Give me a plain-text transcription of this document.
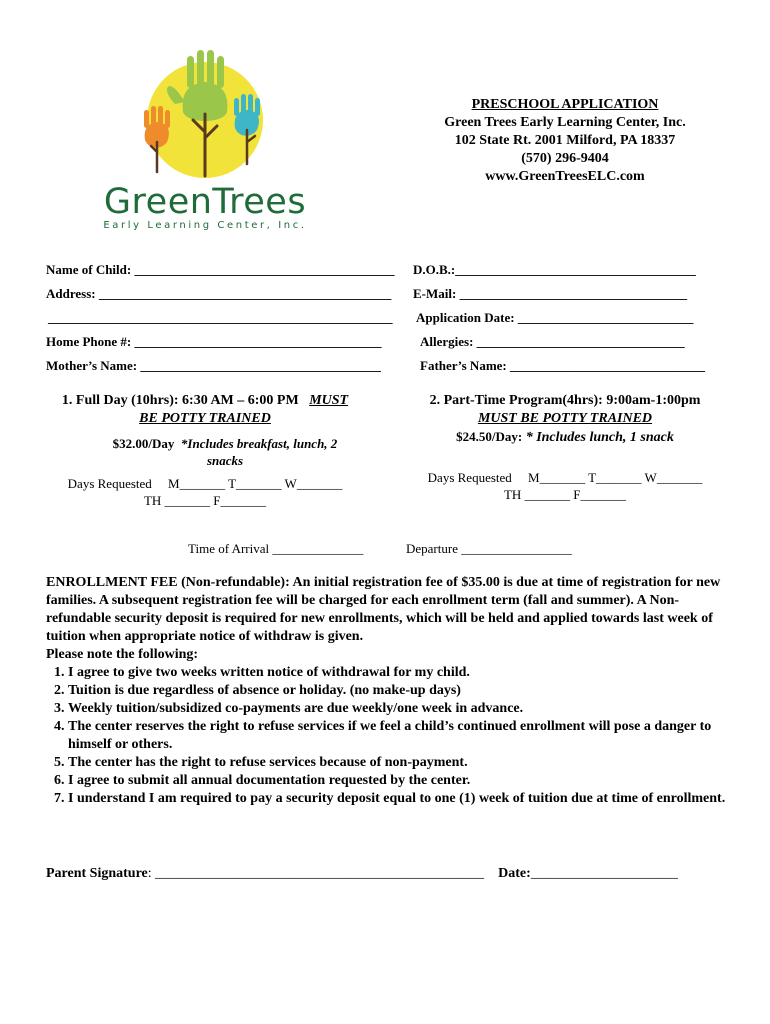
GreenTrees
Early Learning Center, Inc.
PRESCHOOL APPLICATION
Green Trees Early Learning Center, Inc.
102 State Rt. 2001 Milford, PA 18337
(570) 296-9404
www.GreenTreesELC.com
Name of Child: ________________________________________ D.O.B.:_____________________________________
Address: _____________________________________________ E-Mail: ___________________________________
_____________________________________________________ Application Date: ___________________________
Home Phone #: ______________________________________	Allergies: ________________________________
Mother’s Name: _____________________________________	Father’s Name: ______________________________
1. Full Day (10hrs): 6:30 AM – 6:00 PM MUST
BE POTTY TRAINED
$32.00/Day *Includes breakfast, lunch, 2
snacks
Days Requested M_______ T_______ W_______
TH _______ F_______
2. Part-Time Program(4hrs): 9:00am-1:00pm
MUST BE POTTY TRAINED
$24.50/Day: * Includes lunch, 1 snack
Days Requested M_______ T_______ W_______
TH _______ F_______
Time of Arrival ______________	Departure _________________
ENROLLMENT FEE (Non-refundable): An initial registration fee of $35.00 is due at time of registration for new families. A subsequent registration fee will be charged for each enrollment term (fall and summer). A Non-refundable security deposit is required for new enrollments, which will be held and applied towards last week of tuition when appropriate notice of withdraw is given.
Please note the following:
1. I agree to give two weeks written notice of withdrawal for my child.
2. Tuition is due regardless of absence or holiday. (no make-up days)
3. Weekly tuition/subsidized co-payments are due weekly/one week in advance.
4. The center reserves the right to refuse services if we feel a child’s continued enrollment will pose a danger to himself or others.
5. The center has the right to refuse services because of non-payment.
6. I agree to submit all annual documentation requested by the center.
7. I understand I am required to pay a security deposit equal to one (1) week of tuition due at time of enrollment.
Parent Signature: _______________________________________________ Date:_____________________
